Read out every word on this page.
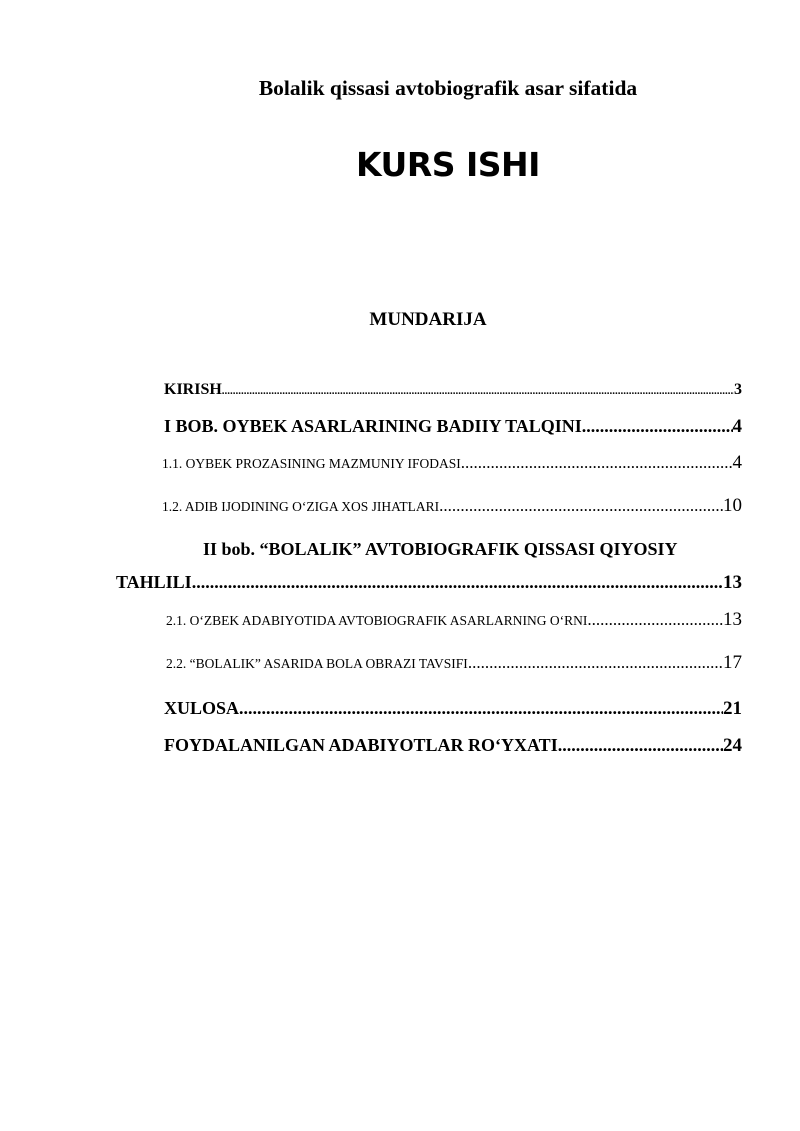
Bolalik qissasi avtobiografik asar sifatida
KURS ISHI
MUNDARIJA
KIRISH .....	3
I BOB. OYBEK ASARLARINING BADIIY TALQINI .....	4
1.1. OYBEK PROZASINING MAZMUNIY IFODASI .....	4
1.2. ADIB IJODINING O‘ZIGA XOS JIHATLARI .....	10
II bob. “BOLALIK” AVTOBIOGRAFIK QISSASI QIYOSIY
TAHLILI .....	13
2.1. O‘ZBEK ADABIYOTIDA AVTOBIOGRAFIK ASARLARNING O‘RNI .....	13
2.2. “BOLALIK” ASARIDA BOLA OBRAZI TAVSIFI .....	17
XULOSA .....	21
FOYDALANILGAN ADABIYOTLAR RO‘YXATI .....	24
